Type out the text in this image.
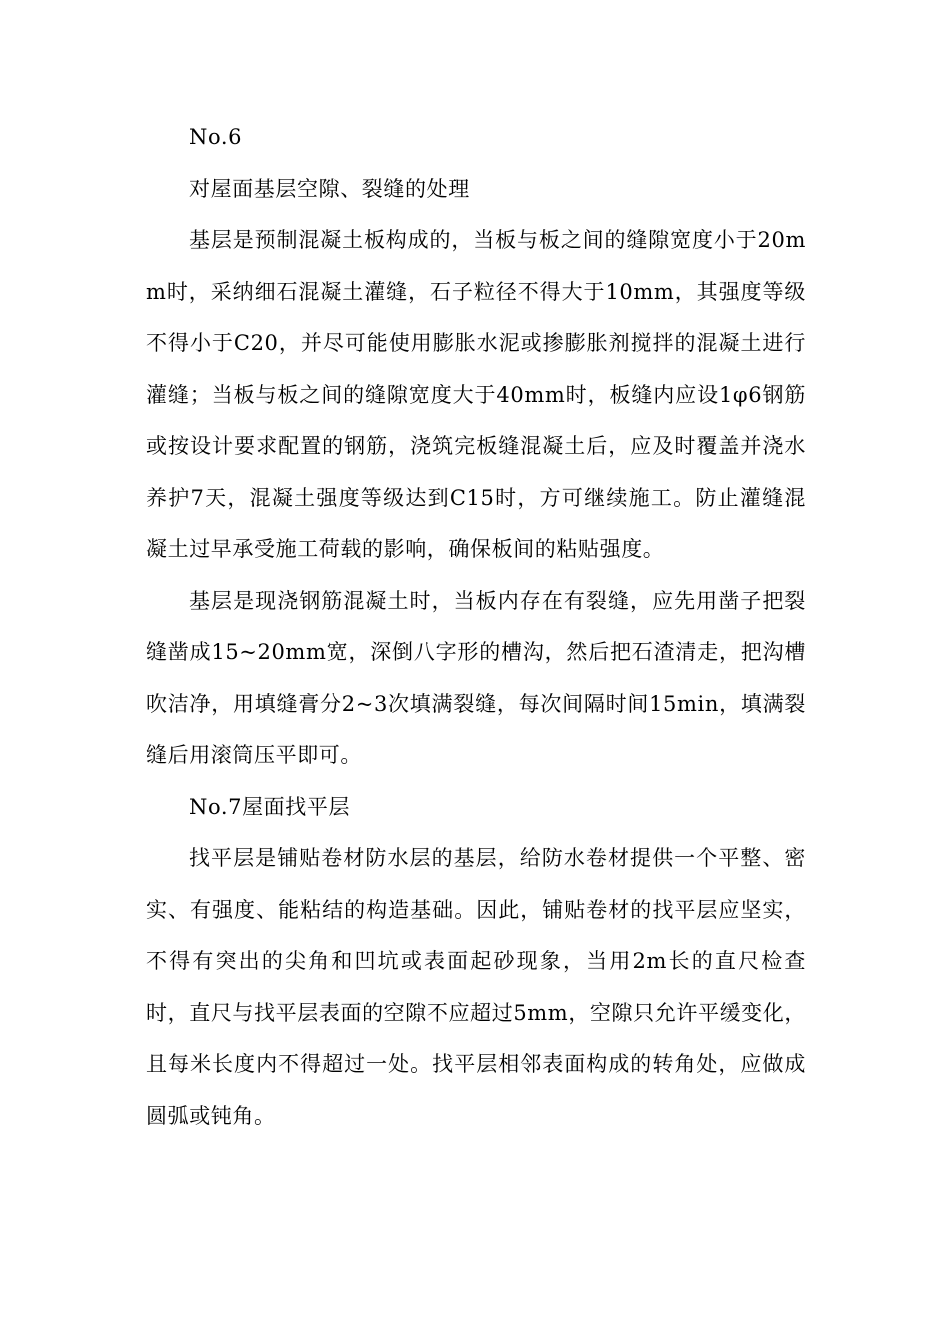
No.6

对屋面基层空隙、裂缝的处理

基层是预制混凝土板构成的，当板与板之间的缝隙宽度小于20mm时，采纳细石混凝土灌缝，石子粒径不得大于10mm，其强度等级不得小于C20，并尽可能使用膨胀水泥或掺膨胀剂搅拌的混凝土进行灌缝；当板与板之间的缝隙宽度大于40mm时，板缝内应设1φ6钢筋或按设计要求配置的钢筋，浇筑完板缝混凝土后，应及时覆盖并浇水养护7天，混凝土强度等级达到C15时，方可继续施工。防止灌缝混凝土过早承受施工荷载的影响，确保板间的粘贴强度。

基层是现浇钢筋混凝土时，当板内存在有裂缝，应先用凿子把裂缝凿成15~20mm宽，深倒八字形的槽沟，然后把石渣清走，把沟槽吹洁净，用填缝膏分2~3次填满裂缝，每次间隔时间15min，填满裂缝后用滚筒压平即可。

No.7屋面找平层

找平层是铺贴卷材防水层的基层，给防水卷材提供一个平整、密实、有强度、能粘结的构造基础。因此，铺贴卷材的找平层应坚实，不得有突出的尖角和凹坑或表面起砂现象，当用2m长的直尺检查时，直尺与找平层表面的空隙不应超过5mm，空隙只允许平缓变化，且每米长度内不得超过一处。找平层相邻表面构成的转角处，应做成圆弧或钝角。
